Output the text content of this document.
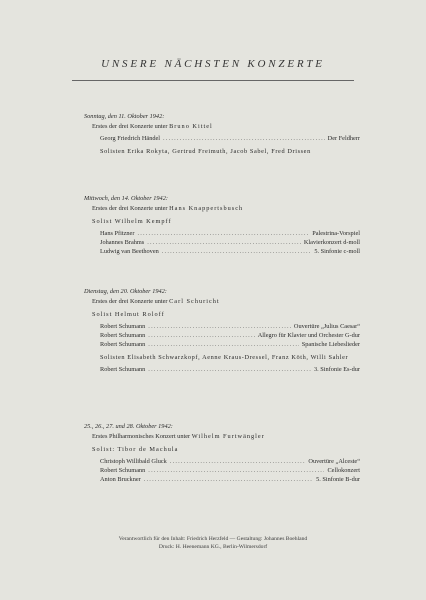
UNSERE NÄCHSTEN KONZERTE
Sonntag, den 11. Oktober 1942:
Erstes der drei Konzerte unter Bruno Kittel
Georg Friedrich Händel .....	Der Feldherr
Solisten Erika Rokyta, Gertrud Freimuth, Jacob Sabel, Fred Drissen
Mittwoch, den 14. Oktober 1942:
Erstes der drei Konzerte unter Hans Knappertsbusch
Solist Wilhelm Kempff
Hans Pfitzner .....	Palestrina-Vorspiel
Johannes Brahms .....	Klavierkonzert d-moll
Ludwig van Beethoven .....	5. Sinfonie c-moll
Dienstag, den 20. Oktober 1942:
Erstes der drei Konzerte unter Carl Schuricht
Solist Helmut Roloff
Robert Schumann .....	Ouvertüre „Julius Caesar“
Robert Schumann .....	Allegro für Klavier und Orchester G-dur
Robert Schumann .....	Spanische Liebeslieder
Solisten Elisabeth Schwarzkopf, Aenne Kraus-Dressel, Franz Köth, Willi Sahler
Robert Schumann .....	3. Sinfonie Es-dur
25., 26., 27. und 28. Oktober 1942:
Erstes Philharmonisches Konzert unter Wilhelm Furtwängler
Solist: Tibor de Machula
Christoph Willibald Gluck .....	Ouvertüre „Alceste“
Robert Schumann .....	Cellokonzert
Anton Bruckner .....	5. Sinfonie B-dur
Verantwortlich für den Inhalt: Friedrich Herzfeld — Gestaltung: Johannes Boehland
Druck: H. Heenemann KG., Berlin-Wilmersdorf
